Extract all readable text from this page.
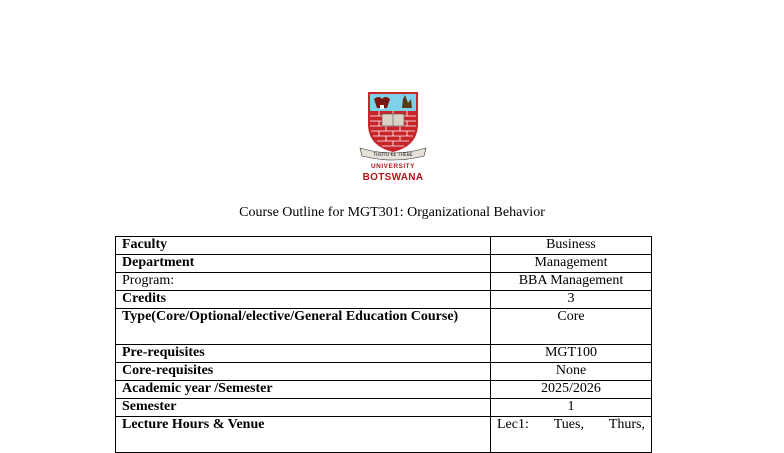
THUTO KE THEBE
UNIVERSITY
BOTSWANA
Course Outline for MGT301: Organizational Behavior
Faculty	Business
Department	Management
Program:	BBA Management
Credits	3
Type(Core/Optional/elective/General Education Course)	Core
Pre-requisites	MGT100
Core-requisites	None
Academic year /Semester	2025/2026
Semester	1
Lecture Hours & Venue	Lec1: Tues, Thurs,
